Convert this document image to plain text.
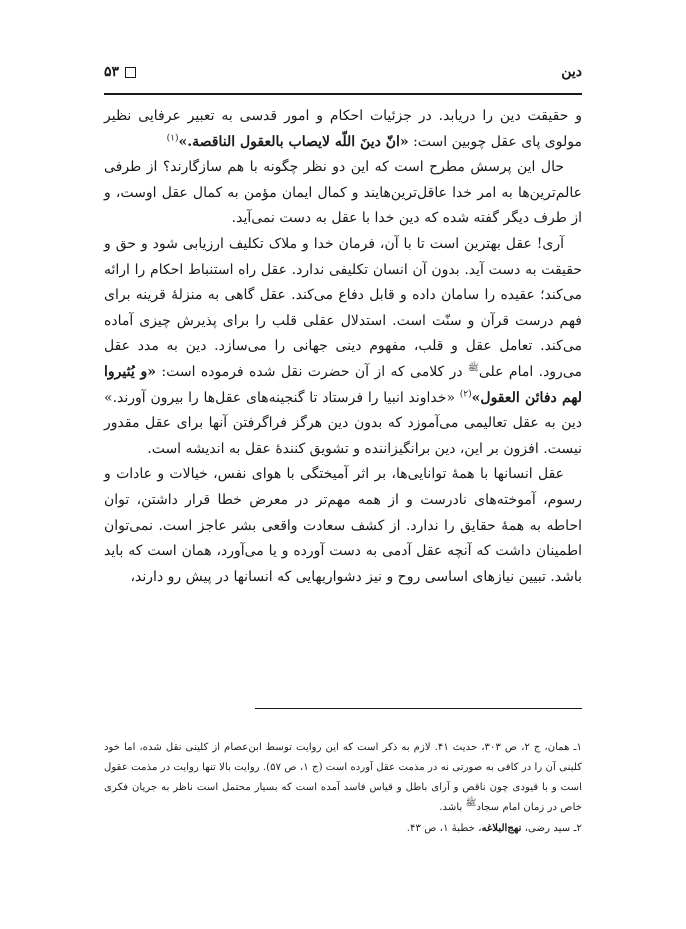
دین
۵۳

و حقیقت دین را دریابد. در جزئیات احکام و امور قدسی به تعبیر عرفایی نظیر مولوی پای عقل چوبین است: «انّ دینَ اللّه لایصاب بالعقول الناقصة.»$^{(۱)}$

حال این پرسش مطرح است که این دو نظر چگونه با هم سازگارند؟ از طرفی عالم‌ترین‌ها به امر خدا عاقل‌ترین‌هایند و کمال ایمان مؤمن به کمال عقل اوست، و از طرف دیگر گفته شده که دین خدا با عقل به دست نمی‌آید.

آری! عقل بهترین است تا با آن، فرمان خدا و ملاک تکلیف ارزیابی شود و حق و حقیقت به دست آید. بدون آن انسان تکلیفی ندارد. عقل راه استنباط احکام را ارائه می‌کند؛ عقیده را سامان داده و قابل دفاع می‌کند. عقل گاهی به منزلهٔ قرینه برای فهم درست قرآن و سنّت است. استدلال عقلی قلب را برای پذیرش چیزی آماده می‌کند. تعامل عقل و قلب، مفهوم دینی جهانی را می‌سازد. دین به مدد عقل می‌رود. امام علی$^ﷺ$ در کلامی که از آن حضرت نقل شده فرموده است: «و یُثیروا لهم دفائن العقول»$^{(۲)}$ «خداوند انبیا را فرستاد تا گنجینه‌های عقل‌ها را بیرون آورند.» دین به عقل تعالیمی می‌آموزد که بدون دین هرگز فراگرفتن آنها برای عقل مقدور نیست. افزون بر این، دین برانگیزاننده و تشویق کنندهٔ عقل به اندیشه است.

عقل انسانها با همهٔ توانایی‌ها، بر اثر آمیختگی با هوای نفس، خیالات و عادات و رسوم، آموخته‌های نادرست و از همه مهم‌تر در معرض خطا قرار داشتن، توان احاطه به همهٔ حقایق را ندارد. از کشف سعادت واقعی بشر عاجز است. نمی‌توان اطمینان داشت که آنچه عقل آدمی به دست آورده و یا می‌آورد، همان است که باید باشد. تبیین نیازهای اساسی روح و نیز دشواریهایی که انسانها در پیش رو دارند،

۱ـ همان، ج ۲، ص ۳۰۳، حدیث ۴۱. لازم به ذکر است که این روایت توسط ابن‌عصام از کلینی نقل شده، اما خود کلینی آن را در کافی به صورتی نه در مذمت عقل آورده است (ج ۱، ص ۵۷). روایت بالا تنها روایت در مذمت عقول است و با قیودی چون ناقص و آرای باطل و قیاس فاسد آمده است که بسیار محتمل است ناظر به جریان فکری خاص در زمان امام سجاد$^ﷺ$ باشد.

۲ـ سید رضی، نهج‌البلاغه، خطبهٔ ۱، ص ۴۳.
